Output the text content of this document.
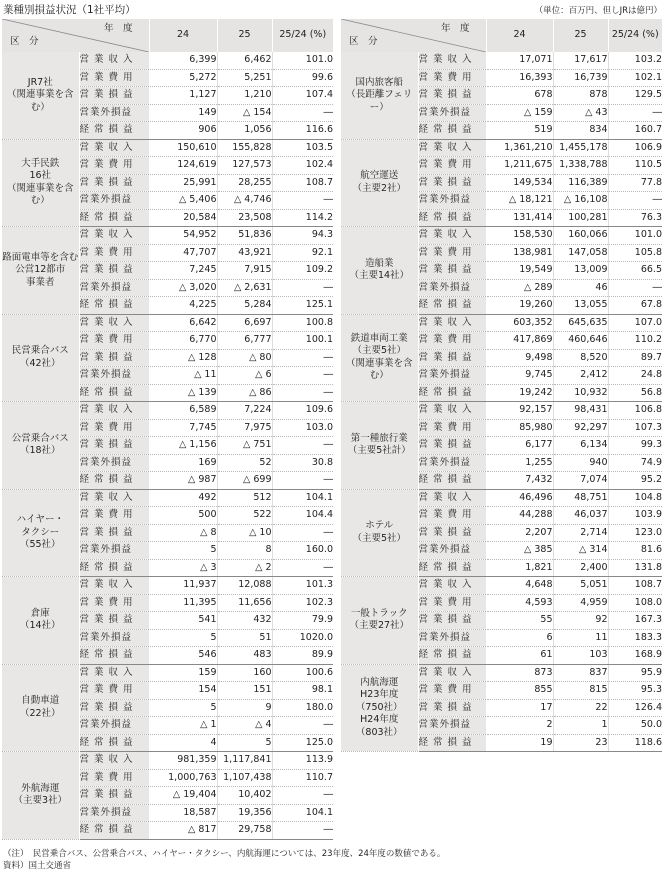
業種別損益状況（1社平均）	（単位：百万円、但しJRは億円）
年　度
区　分		24	25	25/24 (%)
JR7社
（関連事業を含む）	営 業 収 入	6,399	6,462	101.0
	営 業 費 用	5,272	5,251	99.6
	営 業 損 益	1,127	1,210	107.4
	営業外損益	149	△ 154	―
	経 常 損 益	906	1,056	116.6
大手民鉄
16社
（関連事業を含む）	営 業 収 入	150,610	155,828	103.5
	営 業 費 用	124,619	127,573	102.4
	営 業 損 益	25,991	28,255	108.7
	営業外損益	△ 5,406	△ 4,746	―
	経 常 損 益	20,584	23,508	114.2
路面電車等を含む
公営12都市
事業者	営 業 収 入	54,952	51,836	94.3
	営 業 費 用	47,707	43,921	92.1
	営 業 損 益	7,245	7,915	109.2
	営業外損益	△ 3,020	△ 2,631	―
	経 常 損 益	4,225	5,284	125.1
民営乗合バス
（42社）	営 業 収 入	6,642	6,697	100.8
	営 業 費 用	6,770	6,777	100.1
	営 業 損 益	△ 128	△ 80	―
	営業外損益	△ 11	△ 6	―
	経 常 損 益	△ 139	△ 86	―
公営乗合バス
（18社）	営 業 収 入	6,589	7,224	109.6
	営 業 費 用	7,745	7,975	103.0
	営 業 損 益	△ 1,156	△ 751	―
	営業外損益	169	52	30.8
	経 常 損 益	△ 987	△ 699	―
ハイヤー・
タクシー
（55社）	営 業 収 入	492	512	104.1
	営 業 費 用	500	522	104.4
	営 業 損 益	△ 8	△ 10	―
	営業外損益	5	8	160.0
	経 常 損 益	△ 3	△ 2	―
倉庫
（14社）	営 業 収 入	11,937	12,088	101.3
	営 業 費 用	11,395	11,656	102.3
	営 業 損 益	541	432	79.9
	営業外損益	5	51	1020.0
	経 常 損 益	546	483	89.9
自動車道
（22社）	営 業 収 入	159	160	100.6
	営 業 費 用	154	151	98.1
	営 業 損 益	5	9	180.0
	営業外損益	△ 1	△ 4	―
	経 常 損 益	4	5	125.0
外航海運
（主要3社）	営 業 収 入	981,359	1,117,841	113.9
	営 業 費 用	1,000,763	1,107,438	110.7
	営 業 損 益	△ 19,404	10,402	―
	営業外損益	18,587	19,356	104.1
	経 常 損 益	△ 817	29,758	―
年　度
区　分		24	25	25/24 (%)
国内旅客船
（長距離フェリー）	営 業 収 入	17,071	17,617	103.2
	営 業 費 用	16,393	16,739	102.1
	営 業 損 益	678	878	129.5
	営業外損益	△ 159	△ 43	―
	経 常 損 益	519	834	160.7
航空運送
（主要2社）	営 業 収 入	1,361,210	1,455,178	106.9
	営 業 費 用	1,211,675	1,338,788	110.5
	営 業 損 益	149,534	116,389	77.8
	営業外損益	△ 18,121	△ 16,108	―
	経 常 損 益	131,414	100,281	76.3
造船業
（主要14社）	営 業 収 入	158,530	160,066	101.0
	営 業 費 用	138,981	147,058	105.8
	営 業 損 益	19,549	13,009	66.5
	営業外損益	△ 289	46	―
	経 常 損 益	19,260	13,055	67.8
鉄道車両工業
（主要5社）
（関連事業を含む）	営 業 収 入	603,352	645,635	107.0
	営 業 費 用	417,869	460,646	110.2
	営 業 損 益	9,498	8,520	89.7
	営業外損益	9,745	2,412	24.8
	経 常 損 益	19,242	10,932	56.8
第一種旅行業
（主要5社計）	営 業 収 入	92,157	98,431	106.8
	営 業 費 用	85,980	92,297	107.3
	営 業 損 益	6,177	6,134	99.3
	営業外損益	1,255	940	74.9
	経 常 損 益	7,432	7,074	95.2
ホテル
（主要5社）	営 業 収 入	46,496	48,751	104.8
	営 業 費 用	44,288	46,037	103.9
	営 業 損 益	2,207	2,714	123.0
	営業外損益	△ 385	△ 314	81.6
	経 常 損 益	1,821	2,400	131.8
一般トラック
（主要27社）	営 業 収 入	4,648	5,051	108.7
	営 業 費 用	4,593	4,959	108.0
	営 業 損 益	55	92	167.3
	営業外損益	6	11	183.3
	経 常 損 益	61	103	168.9
内航海運
H23年度
（750社）
H24年度
（803社）	営 業 収 入	873	837	95.9
	営 業 費 用	855	815	95.3
	営 業 損 益	17	22	126.4
	営業外損益	2	1	50.0
	経 常 損 益	19	23	118.6
（注）　民営乗合バス、公営乗合バス、ハイヤー・タクシー、内航海運については、23年度、24年度の数値である。
資料）国土交通省
